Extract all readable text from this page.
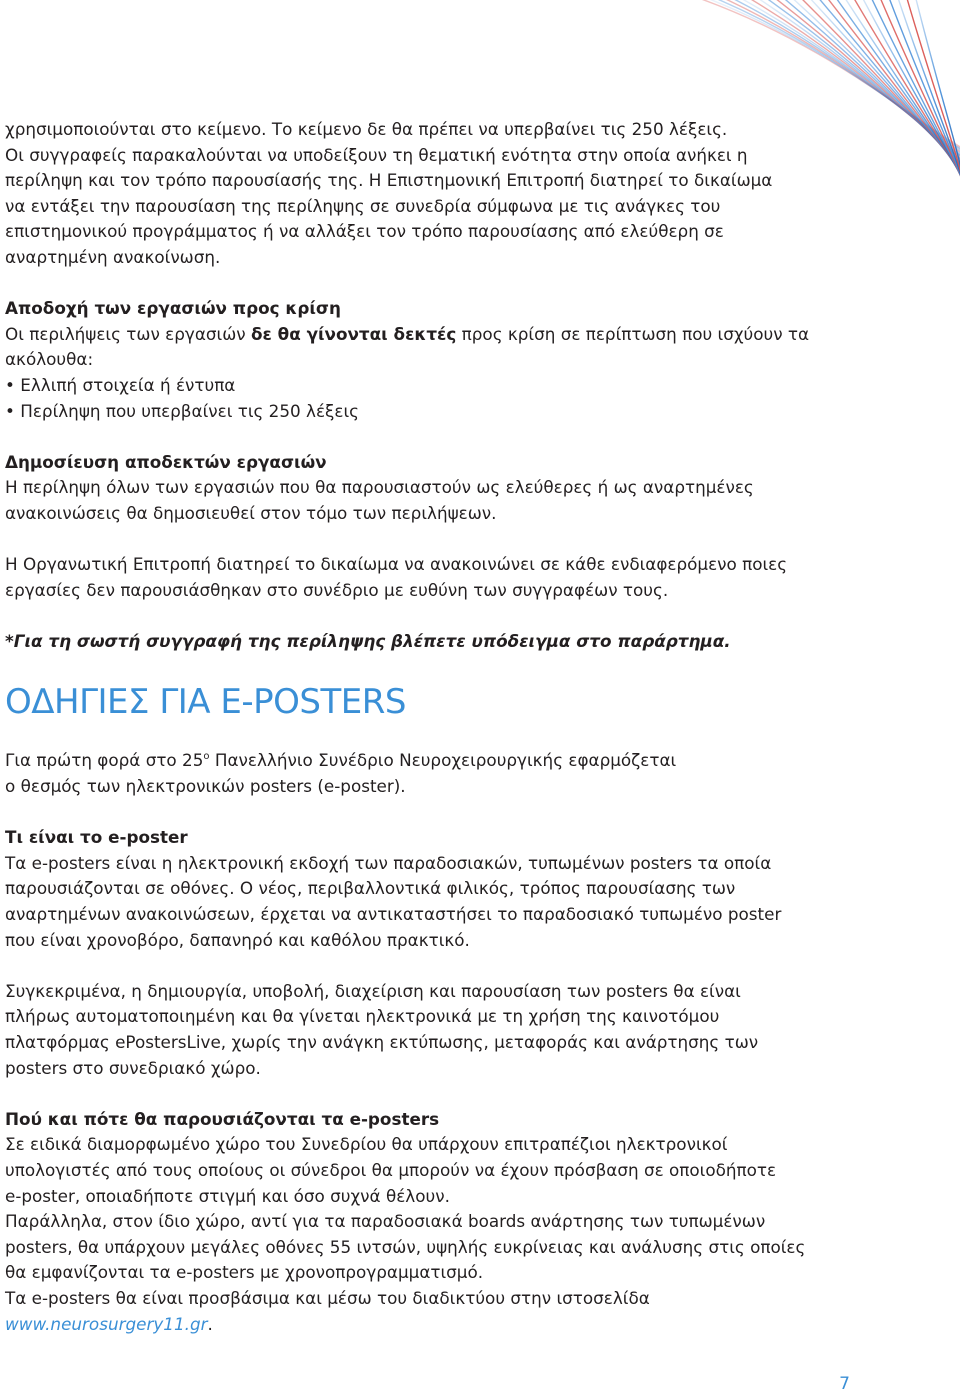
χρησιμοποιούνται στο κείμενο. Το κείμενο δε θα πρέπει να υπερβαίνει τις 250 λέξεις.

Οι συγγραφείς παρακαλούνται να υποδείξουν τη θεματική ενότητα στην οποία ανήκει η

περίληψη και τον τρόπο παρουσίασής της. Η Επιστημονική Επιτροπή διατηρεί το δικαίωμα

να εντάξει την παρουσίαση της περίληψης σε συνεδρία σύμφωνα με τις ανάγκες του

επιστημονικού προγράμματος ή να αλλάξει τον τρόπο παρουσίασης από ελεύθερη σε

αναρτημένη ανακοίνωση.

Αποδοχή των εργασιών προς κρίση

Οι περιλήψεις των εργασιών δε θα γίνονται δεκτές προς κρίση σε περίπτωση που ισχύουν τα

ακόλουθα:

• Ελλιπή στοιχεία ή έντυπα

• Περίληψη που υπερβαίνει τις 250 λέξεις

Δημοσίευση αποδεκτών εργασιών

Η περίληψη όλων των εργασιών που θα παρουσιαστούν ως ελεύθερες ή ως αναρτημένες

ανακοινώσεις θα δημοσιευθεί στον τόμο των περιλήψεων.

Η Οργανωτική Επιτροπή διατηρεί το δικαίωμα να ανακοινώνει σε κάθε ενδιαφερόμενο ποιες

εργασίες δεν παρουσιάσθηκαν στο συνέδριο με ευθύνη των συγγραφέων τους.

*Για τη σωστή συγγραφή της περίληψης βλέπετε υπόδειγμα στο παράρτημα.

ΟΔΗΓΙΕΣ ΓΙΑ E-POSTERS

Για πρώτη φορά στο $25^o$ Πανελλήνιο Συνέδριο Νευροχειρουργικής εφαρμόζεται

ο θεσμός των ηλεκτρονικών posters (e-poster).

Τι είναι το e-poster

Τα e-posters είναι η ηλεκτρονική εκδοχή των παραδοσιακών, τυπωμένων posters τα οποία

παρουσιάζονται σε οθόνες. Ο νέος, περιβαλλοντικά φιλικός, τρόπος παρουσίασης των

αναρτημένων ανακοινώσεων, έρχεται να αντικαταστήσει το παραδοσιακό τυπωμένο poster

που είναι χρονοβόρο, δαπανηρό και καθόλου πρακτικό.

Συγκεκριμένα, η δημιουργία, υποβολή, διαχείριση και παρουσίαση των posters θα είναι

πλήρως αυτοματοποιημένη και θα γίνεται ηλεκτρονικά με τη χρήση της καινοτόμου

πλατφόρμας ePostersLive, χωρίς την ανάγκη εκτύπωσης, μεταφοράς και ανάρτησης των

posters στο συνεδριακό χώρο.

Πού και πότε θα παρουσιάζονται τα e-posters

Σε ειδικά διαμορφωμένο χώρο του Συνεδρίου θα υπάρχουν επιτραπέζιοι ηλεκτρονικοί

υπολογιστές από τους οποίους οι σύνεδροι θα μπορούν να έχουν πρόσβαση σε οποιοδήποτε

e-poster, οποιαδήποτε στιγμή και όσο συχνά θέλουν.

Παράλληλα, στον ίδιο χώρο, αντί για τα παραδοσιακά boards ανάρτησης των τυπωμένων

posters, θα υπάρχουν μεγάλες οθόνες 55 ιντσών, υψηλής ευκρίνειας και ανάλυσης στις οποίες

θα εμφανίζονται τα e-posters με χρονοπρογραμματισμό.

Τα e-posters θα είναι προσβάσιμα και μέσω του διαδικτύου στην ιστοσελίδα

www.neurosurgery11.gr.

7
